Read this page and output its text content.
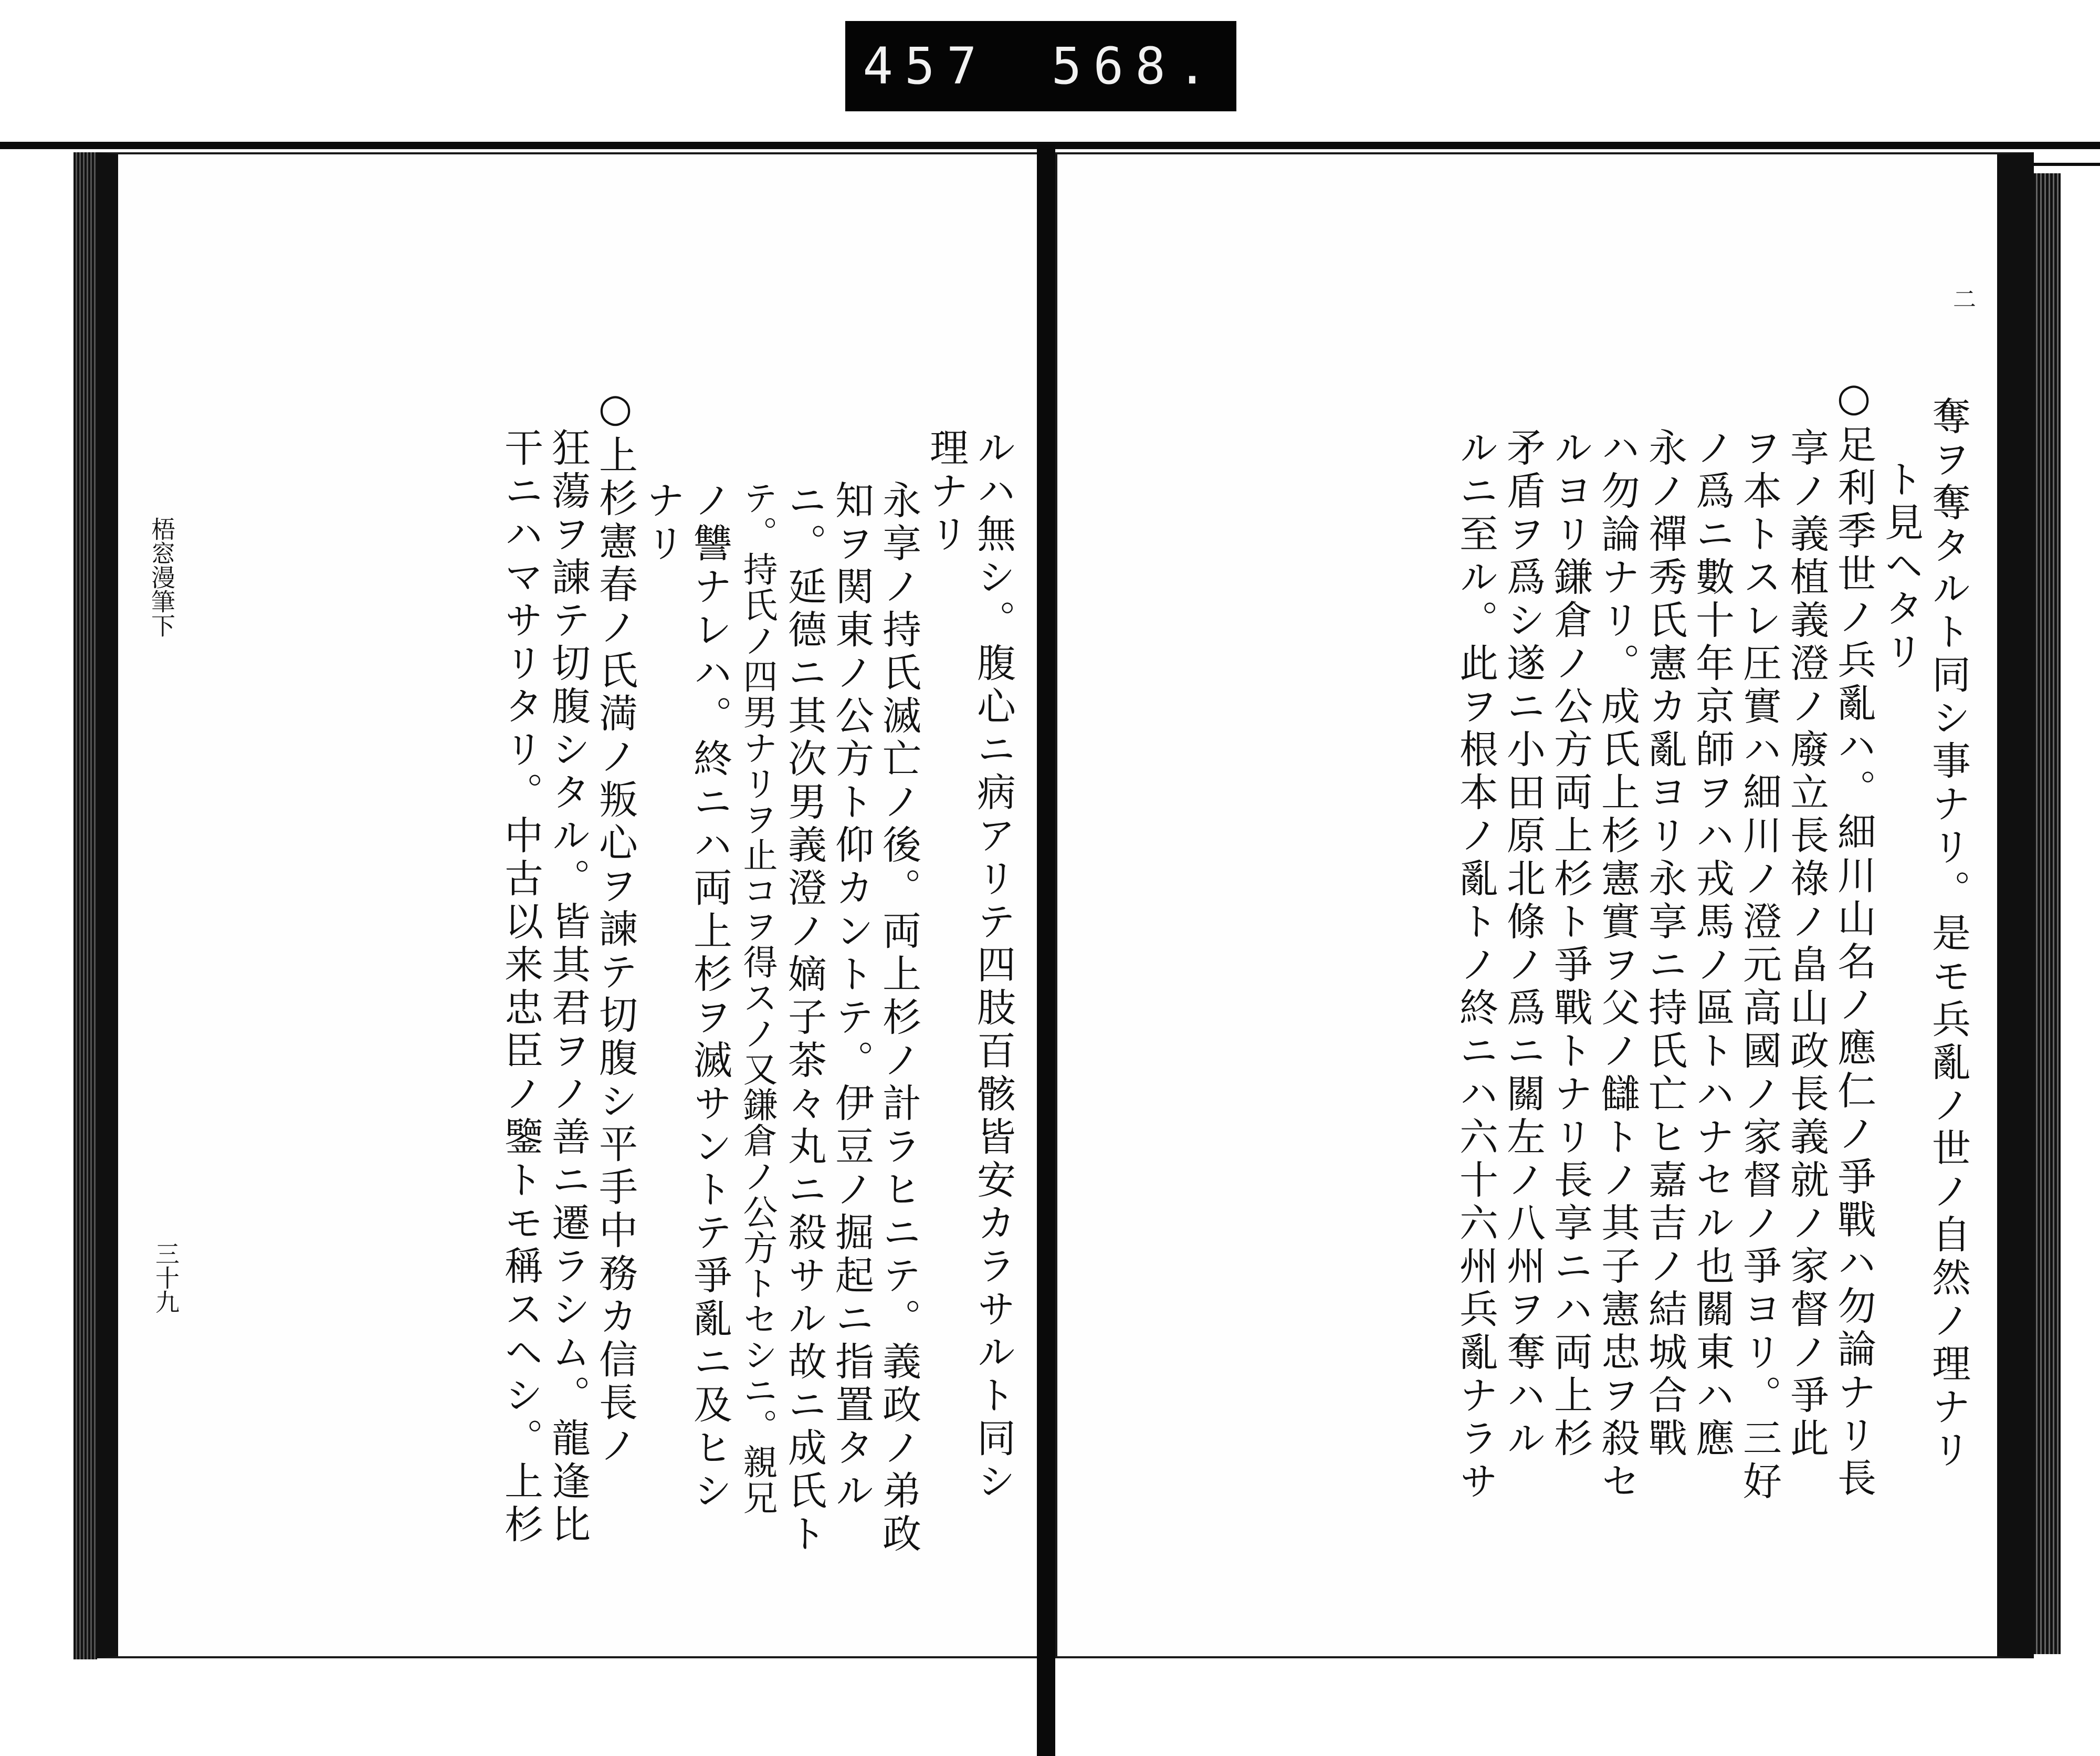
457 568.
ルハ無シ。腹心ニ病アリテ四肢百骸皆安カラサルト同シ
理ナリ
永享ノ持氏滅亡ノ後。両上杉ノ計ラヒニテ。義政ノ弟政
知ヲ関東ノ公方ト仰カントテ。伊豆ノ掘起ニ指置タル
ニ。延德ニ其次男義澄ノ嫡子茶々丸ニ殺サル故ニ成氏ト
テ。持氏ノ四男ナリヲ止コヲ得スノ又鎌倉ノ公方トセシニ。親兄
ノ讐ナレハ。終ニハ両上杉ヲ滅サントテ爭亂ニ及ヒシ
ナリ
○上杉憲春ノ氏満ノ叛心ヲ諫テ切腹シ平手中務カ信長ノ
狂蕩ヲ諫テ切腹シタル。皆其君ヲノ善ニ遷ラシム。龍逢比
干ニハマサリタリ。中古以来忠臣ノ鑒トモ稱スヘシ。上杉
梧窓漫筆下
三十九
二
奪ヲ奪タルト同シ事ナリ。是モ兵亂ノ世ノ自然ノ理ナリ
ト見ヘタリ
○足利季世ノ兵亂ハ。細川山名ノ應仁ノ爭戰ハ勿論ナリ長
享ノ義植義澄ノ廢立長祿ノ畠山政長義就ノ家督ノ爭此
ヲ本トスレ圧實ハ細川ノ澄元高國ノ家督ノ爭ヨリ。三好
ノ爲ニ數十年京師ヲハ戎馬ノ區トハナセル也關東ハ應
永ノ禪秀氏憲カ亂ヨリ永享ニ持氏亡ヒ嘉吉ノ結城合戰
ハ勿論ナリ。成氏上杉憲實ヲ父ノ讎トノ其子憲忠ヲ殺セ
ルヨリ鎌倉ノ公方両上杉ト爭戰トナリ長享ニハ両上杉
矛盾ヲ爲シ遂ニ小田原北條ノ爲ニ關左ノ八州ヲ奪ハル
ルニ至ル。此ヲ根本ノ亂トノ終ニハ六十六州兵亂ナラサ
